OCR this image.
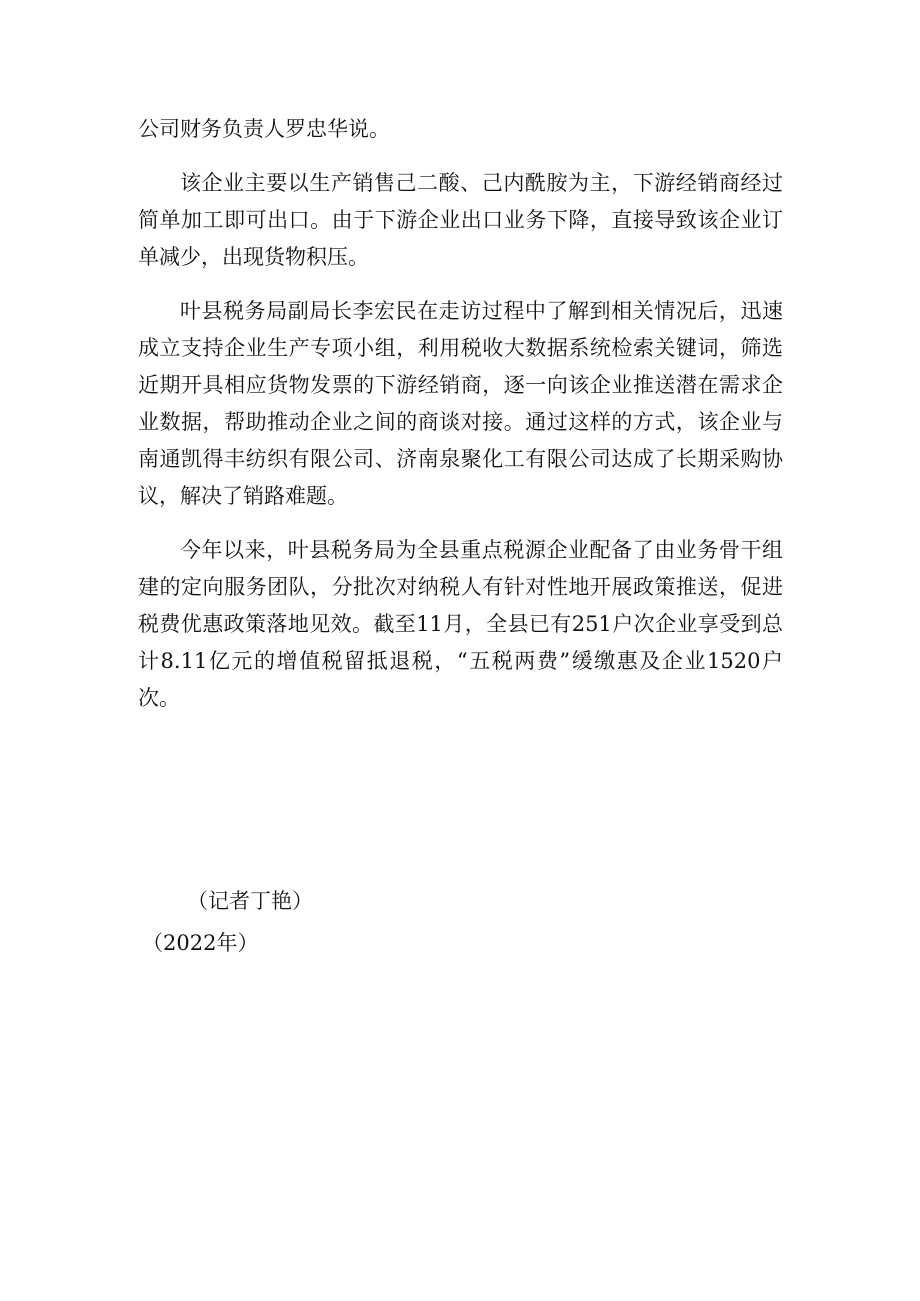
公司财务负责人罗忠华说。

该企业主要以生产销售己二酸、己内酰胺为主，下游经销商经过简单加工即可出口。由于下游企业出口业务下降，直接导致该企业订单减少，出现货物积压。

叶县税务局副局长李宏民在走访过程中了解到相关情况后，迅速成立支持企业生产专项小组，利用税收大数据系统检索关键词，筛选近期开具相应货物发票的下游经销商，逐一向该企业推送潜在需求企业数据，帮助推动企业之间的商谈对接。通过这样的方式，该企业与南通凯得丰纺织有限公司、济南泉聚化工有限公司达成了长期采购协议，解决了销路难题。

今年以来，叶县税务局为全县重点税源企业配备了由业务骨干组建的定向服务团队，分批次对纳税人有针对性地开展政策推送，促进税费优惠政策落地见效。截至11月，全县已有251户次企业享受到总计8.11亿元的增值税留抵退税，“五税两费”缓缴惠及企业1520户次。

（记者丁艳）
（2022年）
